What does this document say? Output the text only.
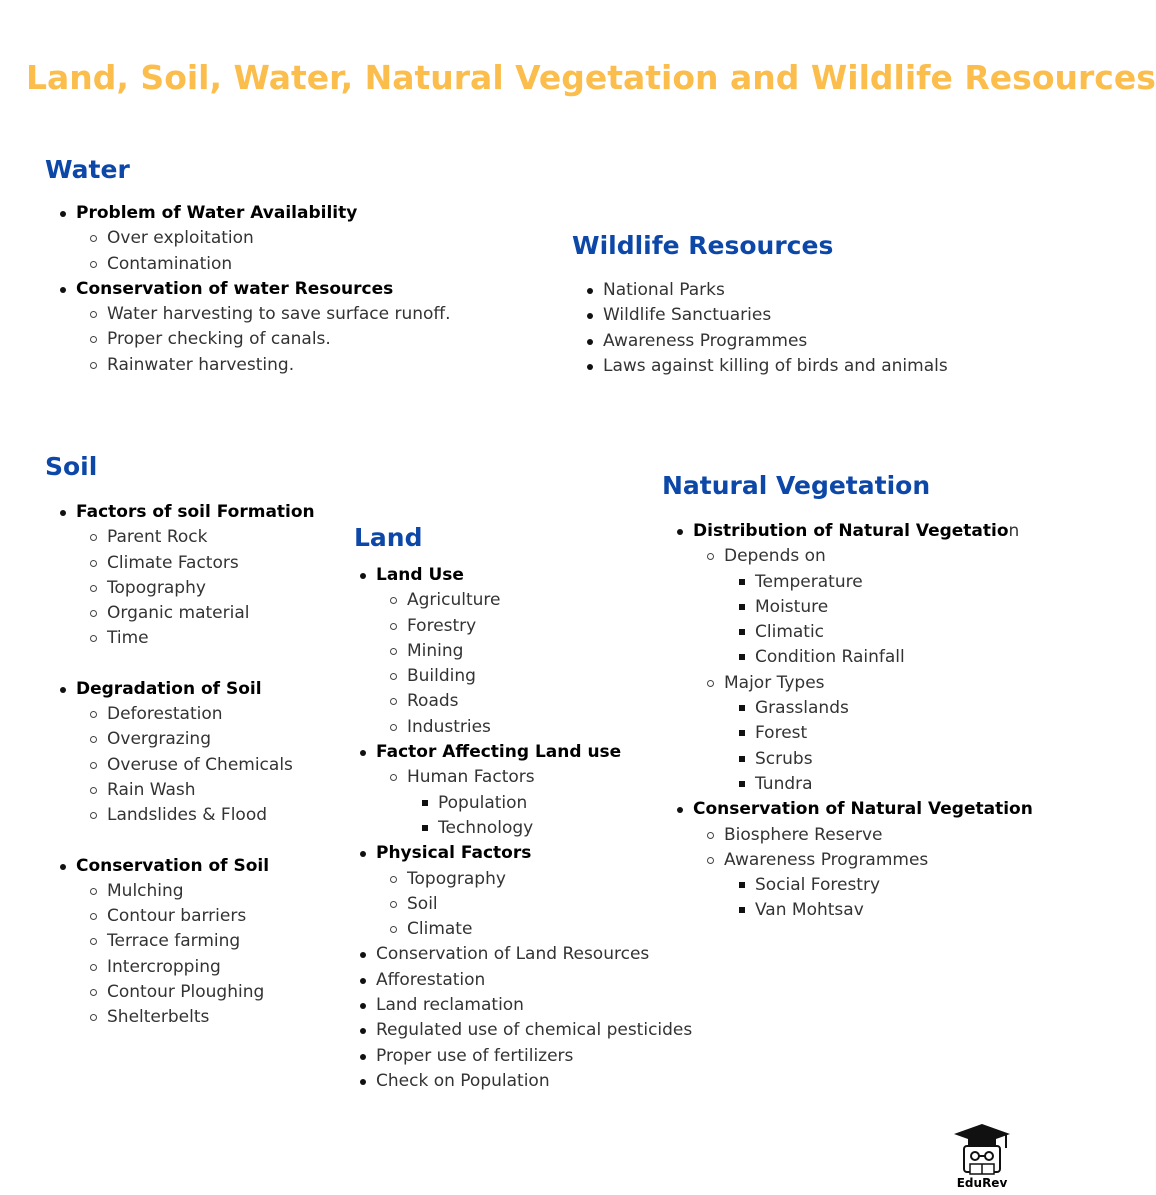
Land, Soil, Water, Natural Vegetation and Wildlife Resources
Water
Problem of Water Availability
Over exploitation
Contamination
Conservation of water Resources
Water harvesting to save surface runoff.
Proper checking of canals.
Rainwater harvesting.
Wildlife Resources
National Parks
Wildlife Sanctuaries
Awareness Programmes
Laws against killing of birds and animals
Soil
Factors of soil Formation
Parent Rock
Climate Factors
Topography
Organic material
Time
Degradation of Soil
Deforestation
Overgrazing
Overuse of Chemicals
Rain Wash
Landslides & Flood
Conservation of Soil
Mulching
Contour barriers
Terrace farming
Intercropping
Contour Ploughing
Shelterbelts
Land
Land Use
Agriculture
Forestry
Mining
Building
Roads
Industries
Factor Affecting Land use
Human Factors
Population
Technology
Physical Factors
Topography
Soil
Climate
Conservation of Land Resources
Afforestation
Land reclamation
Regulated use of chemical pesticides
Proper use of fertilizers
Check on Population
Natural Vegetation
Distribution of Natural Vegetation
Depends on
Temperature
Moisture
Climatic
Condition Rainfall
Major Types
Grasslands
Forest
Scrubs
Tundra
Conservation of Natural Vegetation
Biosphere Reserve
Awareness Programmes
Social Forestry
Van Mohtsav
EduRev
